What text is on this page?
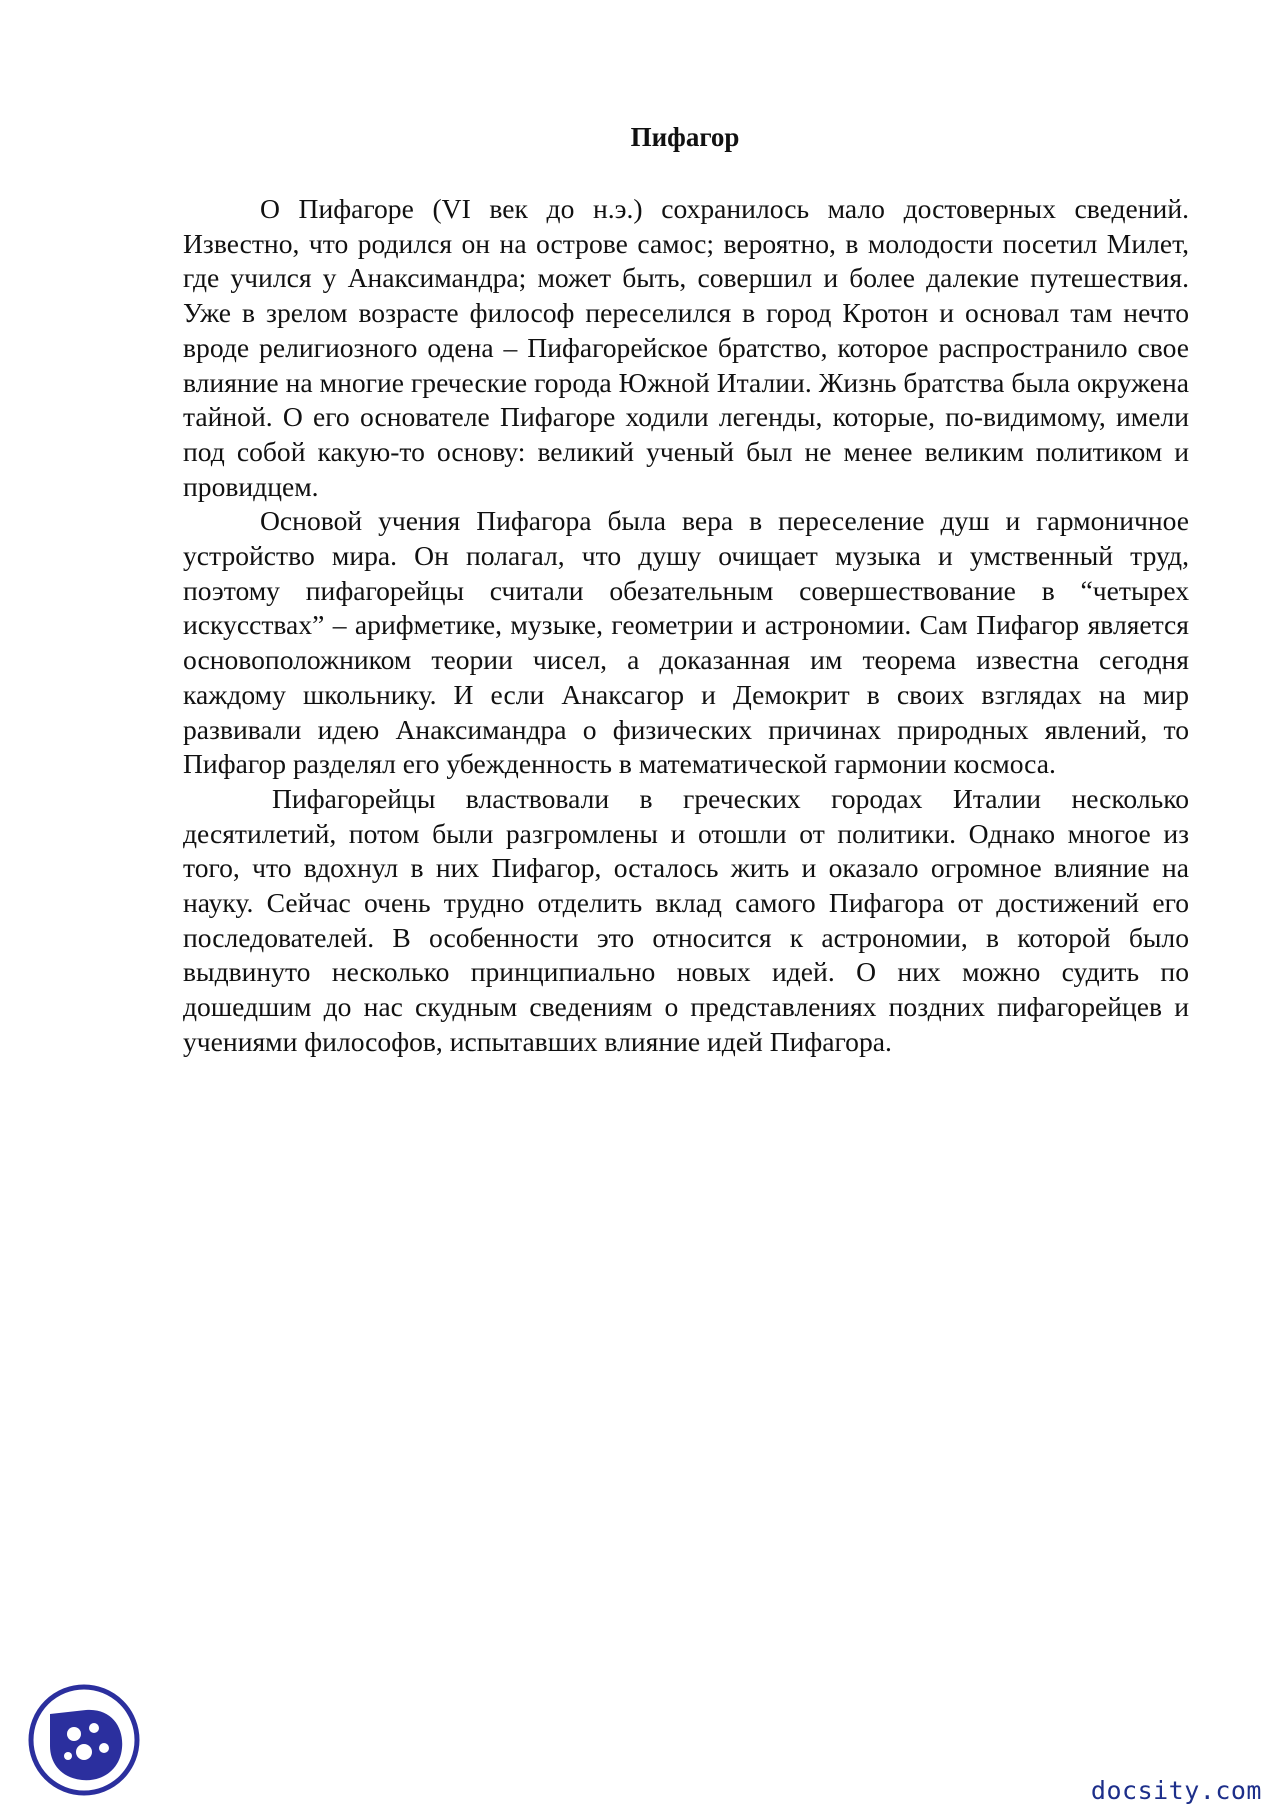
Пифагор

О Пифагоре (VI век до н.э.) сохранилось мало достоверных сведений. Известно, что родился он на острове самос; вероятно, в молодости посетил Милет, где учился у Анаксимандра; может быть, совершил и более далекие путешествия. Уже в зрелом возрасте философ переселился в город Кротон и основал там нечто вроде религиозного одена – Пифагорейское братство, которое распространило свое влияние на многие греческие города Южной Италии. Жизнь братства была окружена тайной. О его основателе Пифагоре ходили легенды, которые, по-видимому, имели под собой какую-то основу: великий ученый был не менее великим политиком и провидцем.

Основой учения Пифагора была вера в переселение душ и гармоничное устройство мира. Он полагал, что душу очищает музыка и умственный труд, поэтому пифагорейцы считали обезательным совершествование в “четырех искусствах” – арифметике, музыке, геометрии и астрономии. Сам Пифагор является основоположником теории чисел, а доказанная им теорема известна сегодня каждому школьнику. И если Анаксагор и Демокрит в своих взглядах на мир развивали идею Анаксимандра о физических причинах природных явлений, то Пифагор разделял его убежденность в математической гармонии космоса.

Пифагорейцы властвовали в греческих городах Италии несколько десятилетий, потом были разгромлены и отошли от политики. Однако многое из того, что вдохнул в них Пифагор, осталось жить и оказало огромное влияние на науку. Сейчас очень трудно отделить вклад самого Пифагора от достижений его последователей. В особенности это относится к астрономии, в которой было выдвинуто несколько принципиально новых идей. О них можно судить по дошедшим до нас скудным сведениям о представлениях поздних пифагорейцев и учениями философов, испытавших влияние идей Пифагора.

docsity.com
